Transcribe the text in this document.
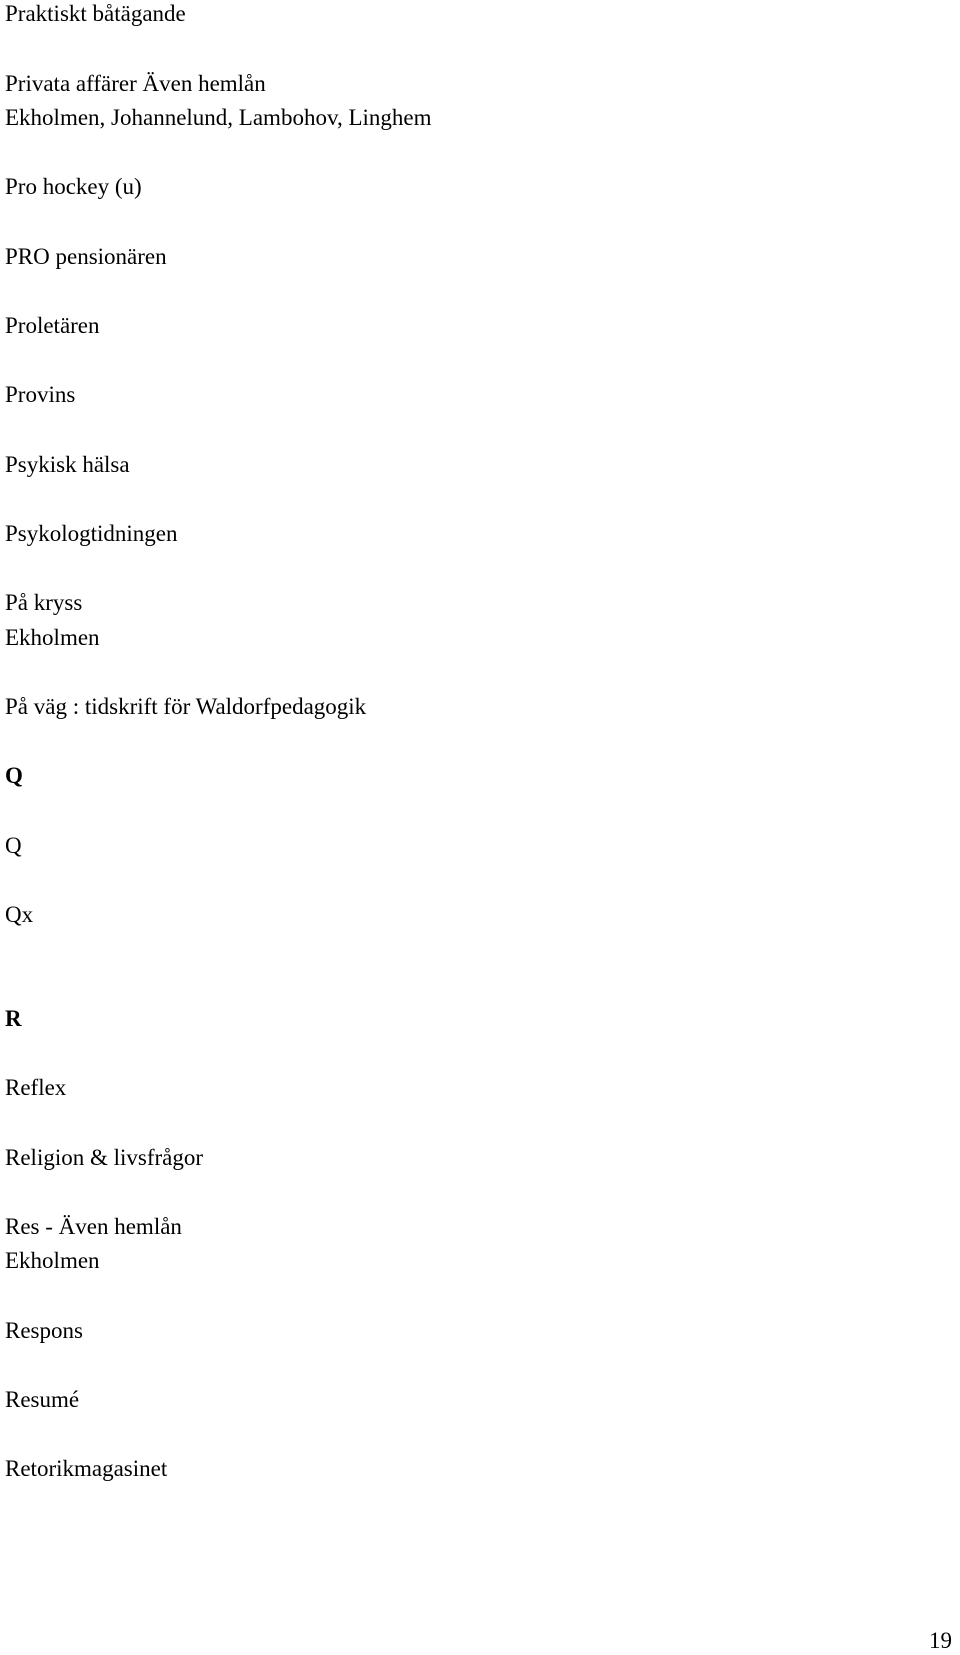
Praktiskt båtägande

Privata affärer Även hemlån

Ekholmen, Johannelund, Lambohov, Linghem

Pro hockey (u)

PRO pensionären

Proletären

Provins

Psykisk hälsa

Psykologtidningen

På kryss

Ekholmen

På väg : tidskrift för Waldorfpedagogik

Q

Q

Qx

R

Reflex

Religion & livsfrågor

Res - Även hemlån

Ekholmen

Respons

Resumé

Retorikmagasinet

19
